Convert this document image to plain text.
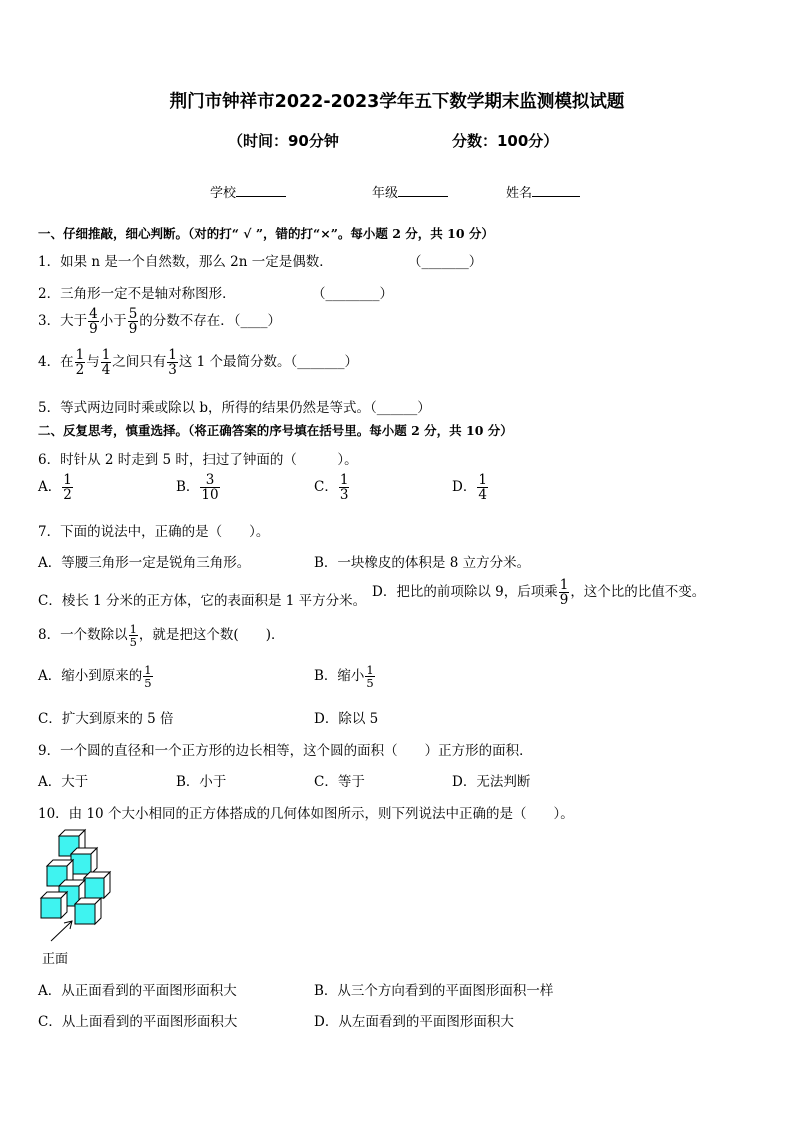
荆门市钟祥市2022-2023学年五下数学期末监测模拟试题
（时间：90分钟	分数：100分）
学校	年级	姓名
一、仔细推敲，细心判断。（对的打“ √ ”，错的打“×”。每小题 2 分，共 10 分）
1．如果 n 是一个自然数，那么 2n 一定是偶数．	（_______）
2．三角形一定不是轴对称图形．	（________）
3．大于 $\frac{4}{9}$ 小于 $\frac{5}{9}$ 的分数不存在．（____）
4．在 $\frac{1}{2}$ 与 $\frac{1}{4}$ 之间只有 $\frac{1}{3}$ 这 1 个最简分数。（_______）
5．等式两边同时乘或除以 b，所得的结果仍然是等式。（______）
二、反复思考，慎重选择。（将正确答案的序号填在括号里。每小题 2 分，共 10 分）
6．时针从 2 时走到 5 时，扫过了钟面的（　　　）。
A． $\frac{1}{2}$	B． $\frac{3}{10}$	C． $\frac{1}{3}$	D． $\frac{1}{4}$
7．下面的说法中，正确的是（　　）。
A．等腰三角形一定是锐角三角形。	B．一块橡皮的体积是 8 立方分米。
C．棱长 1 分米的正方体，它的表面积是 1 平方分米。
D．把比的前项除以 9，后项乘 $\frac{1}{9}$ ，这个比的比值不变。
8．一个数除以 $\frac{1}{5}$ ，就是把这个数(　　)．
A．缩小到原来的 $\frac{1}{5}$	B．缩小 $\frac{1}{5}$
C．扩大到原来的 5 倍	D．除以 5
9．一个圆的直径和一个正方形的边长相等，这个圆的面积（　　）正方形的面积．
A．大于	B．小于	C．等于	D．无法判断
10．由 10 个大小相同的正方体搭成的几何体如图所示，则下列说法中正确的是（　　）。
正面
A．从正面看到的平面图形面积大	B．从三个方向看到的平面图形面积一样
C．从上面看到的平面图形面积大	D．从左面看到的平面图形面积大
